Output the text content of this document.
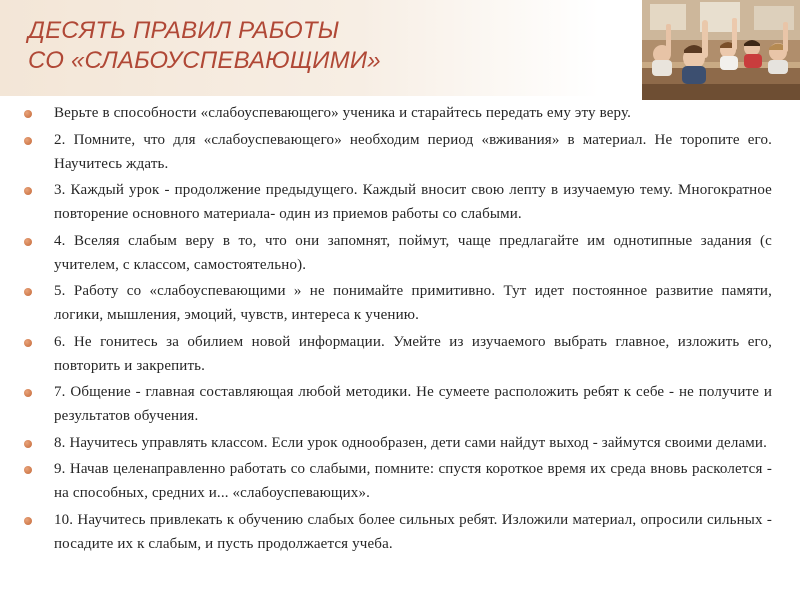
ДЕСЯТЬ ПРАВИЛ РАБОТЫ
СО «СЛАБОУСПЕВАЮЩИМИ»
Верьте в способности «слабоуспевающего» ученика и старайтесь передать ему эту веру.
2. Помните, что для «слабоуспевающего» необходим период «вживания» в материал. Не торопите его. Научитесь ждать.
3. Каждый урок - продолжение предыдущего. Каждый вносит свою лепту в изучаемую тему. Многократное повторение основного материала- один из приемов работы со слабыми.
4. Вселяя слабым веру в то, что они запомнят, поймут, чаще предлагайте им однотипные задания (с учителем, с классом, самостоятельно).
5. Работу со «слабоуспевающими » не понимайте примитивно. Тут идет постоянное развитие памяти, логики, мышления, эмоций, чувств, интереса к учению.
6. Не гонитесь за обилием новой информации. Умейте из изучаемого выбрать главное, изложить его, повторить и закрепить.
7. Общение - главная составляющая любой методики. Не сумеете расположить ребят к себе - не получите и результатов обучения.
8. Научитесь управлять классом. Если урок однообразен, дети сами найдут выход - займутся своими делами.
9. Начав целенаправленно работать со слабыми, помните: спустя короткое время их среда вновь расколется - на способных, средних и... «слабоуспевающих».
10. Научитесь привлекать к обучению слабых более сильных ребят. Изложили материал, опросили сильных - посадите их к слабым, и пусть продолжается учеба.
